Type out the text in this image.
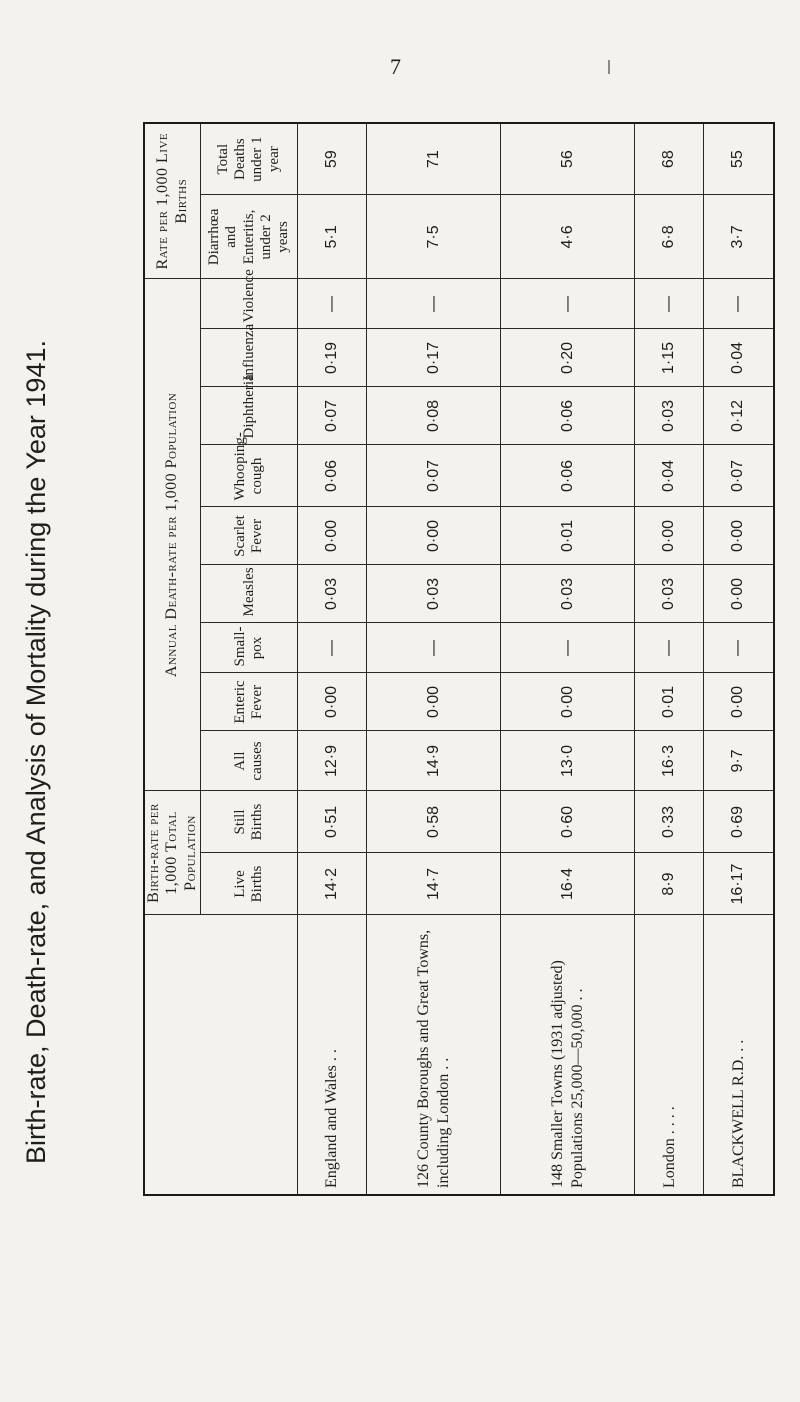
7
Birth-rate, Death-rate, and Analysis of Mortality during the Year 1941.
		Birth-rate per 1,000 Total Population		Annual Death-rate per 1,000 Population									Rate per 1,000 Live Births	
	Live Births	Still Births	All causes	Enteric Fever	Small-pox	Measles	Scarlet Fever	Whooping-cough	Diphtheria	Influenza	Violence	Diarrhœa and Enteritis, under 2 years	Total Deaths under 1 year
England and Wales . .	14·2	0·51	12·9	0·00	—	0·03	0·00	0·06	0·07	0·19	—	5·1	59
126 County Boroughs and Great Towns, including London . .	14·7	0·58	14·9	0·00	—	0·03	0·00	0·07	0·08	0·17	—	7·5	71
148 Smaller Towns (1931 adjusted) Populations 25,000—50,000 . .	16·4	0·60	13·0	0·00	—	0·03	0·01	0·06	0·06	0·20	—	4·6	56
London . . . .	8·9	0·33	16·3	0·01	—	0·03	0·00	0·04	0·03	1·15	—	6·8	68
BLACKWELL R.D. . .	16·17	0·69	9·7	0·00	—	0·00	0·00	0·07	0·12	0·04	—	3·7	55
